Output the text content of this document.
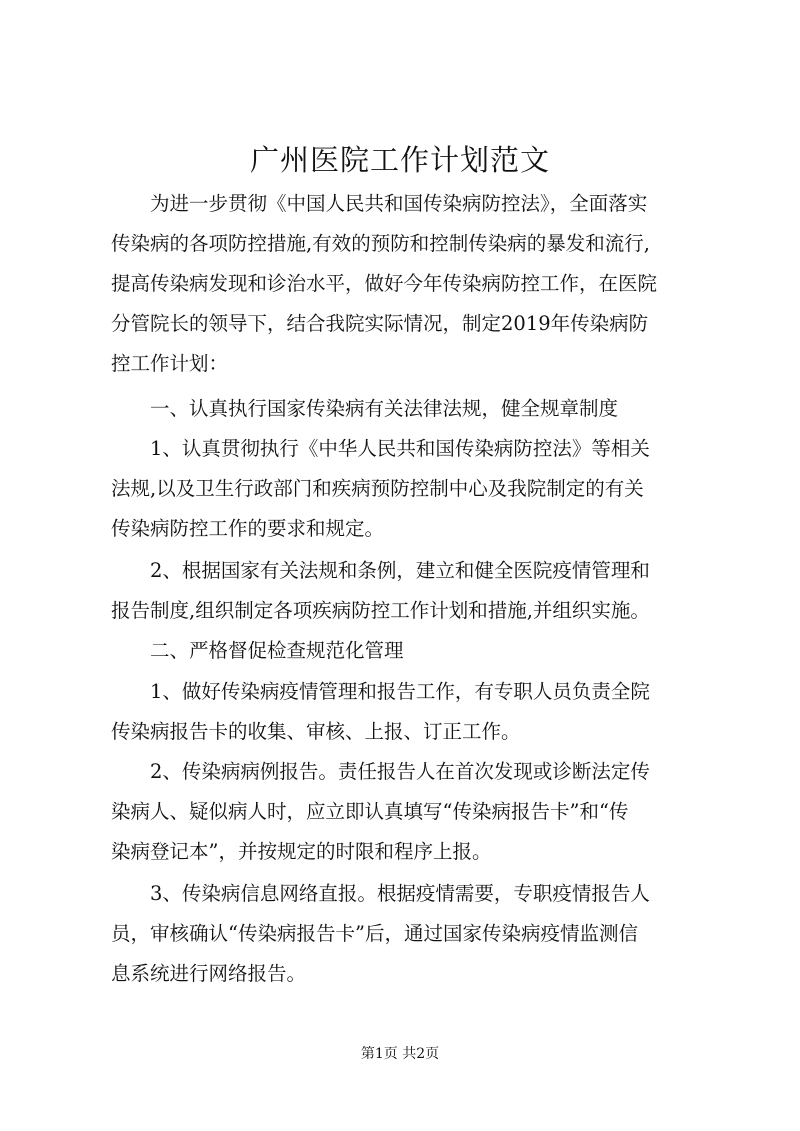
广州医院工作计划范文

　　为进一步贯彻《中国人民共和国传染病防控法》，全面落实

传染病的各项防控措施,有效的预防和控制传染病的暴发和流行,

提高传染病发现和诊治水平，做好今年传染病防控工作，在医院

分管院长的领导下，结合我院实际情况，制定2019年传染病防

控工作计划：

　　一、认真执行国家传染病有关法律法规，健全规章制度

　　1、认真贯彻执行《中华人民共和国传染病防控法》等相关

法规,以及卫生行政部门和疾病预防控制中心及我院制定的有关

传染病防控工作的要求和规定。

　　2、根据国家有关法规和条例，建立和健全医院疫情管理和

报告制度,组织制定各项疾病防控工作计划和措施,并组织实施。

　　二、严格督促检查规范化管理

　　1、做好传染病疫情管理和报告工作，有专职人员负责全院

传染病报告卡的收集、审核、上报、订正工作。

　　2、传染病病例报告。责任报告人在首次发现或诊断法定传

染病人、疑似病人时，应立即认真填写“传染病报告卡”和“传

染病登记本”，并按规定的时限和程序上报。

　　3、传染病信息网络直报。根据疫情需要，专职疫情报告人

员，审核确认“传染病报告卡”后，通过国家传染病疫情监测信

息系统进行网络报告。

第1页 共2页
